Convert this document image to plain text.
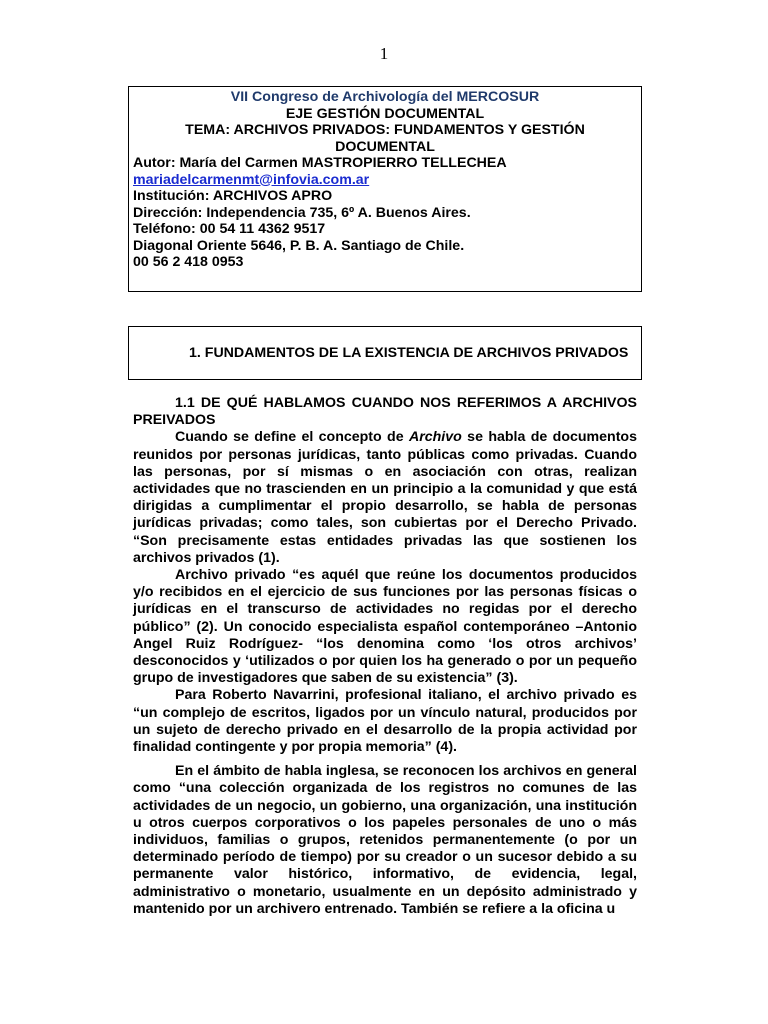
1
VII Congreso de Archivología del MERCOSUR
EJE GESTIÓN DOCUMENTAL
TEMA: ARCHIVOS PRIVADOS: FUNDAMENTOS Y GESTIÓN
DOCUMENTAL
Autor: María del Carmen MASTROPIERRO TELLECHEA
mariadelcarmenmt@infovia.com.ar
Institución: ARCHIVOS APRO
Dirección: Independencia 735, 6º A. Buenos Aires.
Teléfono: 00 54 11 4362 9517
Diagonal Oriente 5646, P. B. A. Santiago de Chile.
00 56 2 418 0953
1. FUNDAMENTOS DE LA EXISTENCIA DE ARCHIVOS PRIVADOS

1.1 DE QUÉ HABLAMOS CUANDO NOS REFERIMOS A ARCHIVOS PREIVADOS

Cuando se define el concepto de Archivo se habla de documentos reunidos por personas jurídicas, tanto públicas como privadas. Cuando las personas, por sí mismas o en asociación con otras, realizan actividades que no trascienden en un principio a la comunidad y que está dirigidas a cumplimentar el propio desarrollo, se habla de personas jurídicas privadas; como tales, son cubiertas por el Derecho Privado. “Son precisamente estas entidades privadas las que sostienen los archivos privados (1).

Archivo privado “es aquél que reúne los documentos producidos y/o recibidos en el ejercicio de sus funciones por las personas físicas o jurídicas en el transcurso de actividades no regidas por el derecho público” (2). Un conocido especialista español contemporáneo –Antonio Angel Ruiz Rodríguez- “los denomina como ‘los otros archivos’ desconocidos y ‘utilizados o por quien los ha generado o por un pequeño grupo de investigadores que saben de su existencia” (3).

Para Roberto Navarrini, profesional italiano, el archivo privado es “un complejo de escritos, ligados por un vínculo natural, producidos por un sujeto de derecho privado en el desarrollo de la propia actividad por finalidad contingente y por propia memoria” (4).

En el ámbito de habla inglesa, se reconocen los archivos en general como “una colección organizada de los registros no comunes de las actividades de un negocio, un gobierno, una organización, una institución u otros cuerpos corporativos o los papeles personales de uno o más individuos, familias o grupos, retenidos permanentemente (o por un determinado período de tiempo) por su creador o un sucesor debido a su permanente valor histórico, informativo, de evidencia, legal, administrativo o monetario, usualmente en un depósito administrado y mantenido por un archivero entrenado. También se refiere a la oficina u
